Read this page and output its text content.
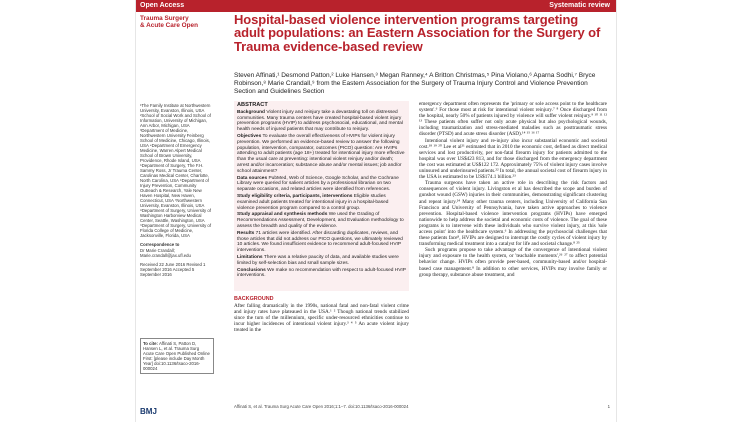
Open Access	Systematic review
Trauma Surgery
& Acute Care Open	Hospital-based violence intervention programs targeting adult populations: an Eastern Association for the Surgery of Trauma evidence-based review

Steven Affinati,¹ Desmond Patton,² Luke Hansen,³ Megan Ranney,⁴ A Britton Christmas,⁵ Pina Violano,⁶ Aparna Sodhi,⁷ Bryce Robinson,⁸ Marie Crandall,⁹ from the Eastern Association for the Surgery of Trauma Injury Control and Violence Prevention Section and Guidelines Section

¹The Family Institute at Northwestern University, Evanston, Illinois, USA ²School of Social Work and School of Information, University of Michigan, Ann Arbor, Michigan, USA ³Department of Medicine, Northwestern University Feinberg School of Medicine, Chicago, Illinois, USA ⁴Department of Emergency Medicine, Warren Alpert Medical School of Brown University, Providence, Rhode Island, USA ⁵Department of Surgery, The F.H. Sammy Ross, Jr Trauma Center, Carolinas Medical Center, Charlotte, North Carolina, USA ⁶Department of Injury Prevention, Community Outreach & Research, Yale New Haven Hospital, New Haven, Connecticut, USA ⁷Northwestern University, Evanston, Illinois, USA ⁸Department of Surgery, University of Washington Harborview Medical Center, Seattle, Washington, USA ⁹Department of Surgery, University of Florida College of Medicine, Jacksonville, Florida, USA

Correspondence to

Dr Marie Crandall; Marie.crandall@jax.ufl.edu

Received 22 June 2016 Revised 1 September 2016 Accepted 5 September 2016

To cite: Affinati S, Patton D, Hansen L, et al. Trauma Surg Acute Care Open Published Online First: [please include Day Month Year] doi:10.1136/tsaco-2016-000024
BMJ

ABSTRACT

Background Violent injury and reinjury take a devastating toll on distressed communities. Many trauma centers have created hospital-based violent injury prevention programs (HVIP) to address psychosocial, educational, and mental health needs of injured patients that may contribute to reinjury.

Objectives To evaluate the overall effectiveness of HVIPs for violent injury prevention. We performed an evidence-based review to answer the following population, intervention, comparator, outcomes (PICO) question: Are HVIPs attending to adult patients (age 18+) treated for intentional injury more effective than the usual care at preventing: intentional violent reinjury and/or death; arrest and/or incarceration; substance abuse and/or mental issues; job and/or school attainment?

Data sources PubMed, Web of Science, Google Scholar, and the Cochrane Library were queried for salient articles by a professional librarian on two separate occasions, and related articles were identified from references.

Study eligibility criteria, participants, interventions Eligible studies examined adult patients treated for intentional injury in a hospital-based violence prevention program compared to a control group.

Study appraisal and synthesis methods We used the Grading of Recommendations Assessment, Development, and Evaluation methodology to assess the breadth and quality of the evidence.

Results 71 articles were identified. After discarding duplicates, reviews, and those articles that did not address our PICO questions, we ultimately reviewed 10 articles. We found insufficient evidence to recommend adult-focused HVIP interventions.

Limitations There was a relative paucity of data, and available studies were limited by self-selection bias and small sample sizes.

Conclusions We make no recommendation with respect to adult-focused HVIP interventions.

BACKGROUND

After falling dramatically in the 1990s, national fatal and non-fatal violent crime and injury rates have plateaued in the USA.¹ ² Though national trends stabilized since the turn of the millennium, specific under-resourced ethnicities continue to incur higher incidences of intentional violent injury.³ ⁴ ⁵ An acute violent injury treated in the

emergency department often represents the 'primary or sole access point to the healthcare system'.⁶ For those most at risk for intentional violent reinjury.⁷ ⁸ Once discharged from the hospital, nearly 50% of patients injured by violence will suffer violent reinjury.⁹ ¹⁰ ¹¹ ¹² ¹³ These patients often suffer not only acute physical but also psychological wounds, including traumatization and stress-mediated maladies such as posttraumatic stress disorder (PTSD) and acute stress disorder (ASD).¹⁴ ¹⁵ ¹⁶ ¹⁷

Intentional violent injury and re-injury also incur substantial economic and societal cost.¹⁸ ¹⁹ ²⁰ Lee et al²¹ estimated that in 2010 the economic cost, defined as direct medical services and lost productivity, per non-fatal firearm injury for patients admitted to the hospital was over US$423 813, and for those discharged from the emergency department the cost was estimated at US$122 172. Approximately 75% of violent injury cases involve uninsured and underinsured patients.²² In total, the annual societal cost of firearm injury in the USA is estimated to be US$174.1 billion.²³

Trauma surgeons have taken an active role in describing the risk factors and consequences of violent injury. Livingston et al has described the scope and burden of gunshot wound (GSW) injuries in their communities, demonstrating significant clustering and repeat injury.²⁴ Many other trauma centers, including University of California San Francisco and University of Pennsylvania, have taken active approaches to violence prevention. Hospital-based violence intervention programs (HVIPs) have emerged nationwide to help address the societal and economic costs of violence. The goal of these programs is to intervene with these individuals who survive violent injury, at this 'sole access point' into the healthcare system.⁶ In addressing the psychosocial challenges that these patients face⁸, HVIPs are designed to interrupt the costly cycles of violent injury by transforming medical treatment into a catalyst for life and societal change.⁸ ²⁵

Such programs propose to take advantage of the convergence of intentional violent injury and exposure to the health system, or 'teachable moments',²⁶ ²⁷ to affect potential behavior change. HVIPs often provide peer-based, community-based and/or hospital-based case management.⁸ In addition to other services, HVIPs may involve family or group therapy, substance abuse treatment, and

Affinati S, et al. Trauma Surg Acute Care Open 2016;1:1–7. doi:10.1136/tsaco-2016-000024	1
